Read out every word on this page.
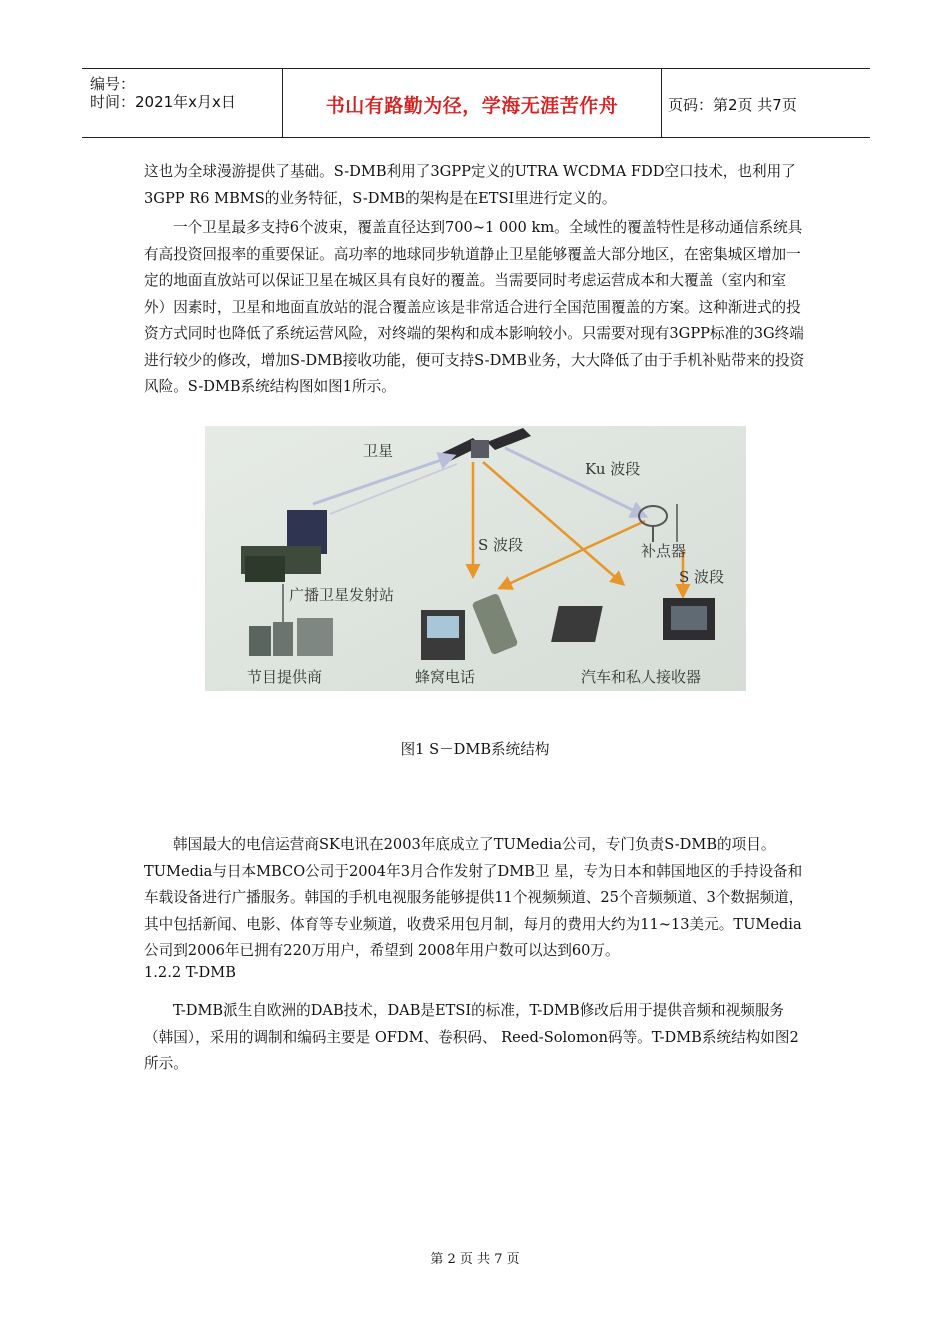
编号：
时间：2021年x月x日	书山有路勤为径，学海无涯苦作舟	页码：第2页 共7页
这也为全球漫游提供了基础。S-DMB利用了3GPP定义的UTRA WCDMA FDD空口技术，也利用了3GPP R6 MBMS的业务特征，S-DMB的架构是在ETSI里进行定义的。
一个卫星最多支持6个波束，覆盖直径达到700~1 000 km。全域性的覆盖特性是移动通信系统具有高投资回报率的重要保证。高功率的地球同步轨道静止卫星能够覆盖大部分地区，在密集城区增加一定的地面直放站可以保证卫星在城区具有良好的覆盖。当需要同时考虑运营成本和大覆盖（室内和室外）因素时，卫星和地面直放站的混合覆盖应该是非常适合进行全国范围覆盖的方案。这种渐进式的投资方式同时也降低了系统运营风险，对终端的架构和成本影响较小。只需要对现有3GPP标准的3G终端进行较少的修改，增加S-DMB接收功能，便可支持S-DMB业务，大大降低了由于手机补贴带来的投资风险。S-DMB系统结构图如图1所示。
卫星
Ku 波段
S 波段	补点器
S 波段
广播卫星发射站
节目提供商	蜂窝电话	汽车和私人接收器
图1 S－DMB系统结构
韩国最大的电信运营商SK电讯在2003年底成立了TUMedia公司，专门负责S-DMB的项目。TUMedia与日本MBCO公司于2004年3月合作发射了DMB卫 星，专为日本和韩国地区的手持设备和车载设备进行广播服务。韩国的手机电视服务能够提供11个视频频道、25个音频频道、3个数据频道，其中包括新闻、电影、体育等专业频道，收费采用包月制，每月的费用大约为11~13美元。TUMedia公司到2006年已拥有220万用户，希望到 2008年用户数可以达到60万。
1.2.2 T-DMB
T-DMB派生自欧洲的DAB技术，DAB是ETSI的标准，T-DMB修改后用于提供音频和视频服务（韩国），采用的调制和编码主要是 OFDM、卷积码、 Reed-Solomon码等。T-DMB系统结构如图2所示。
第 2 页 共 7 页
